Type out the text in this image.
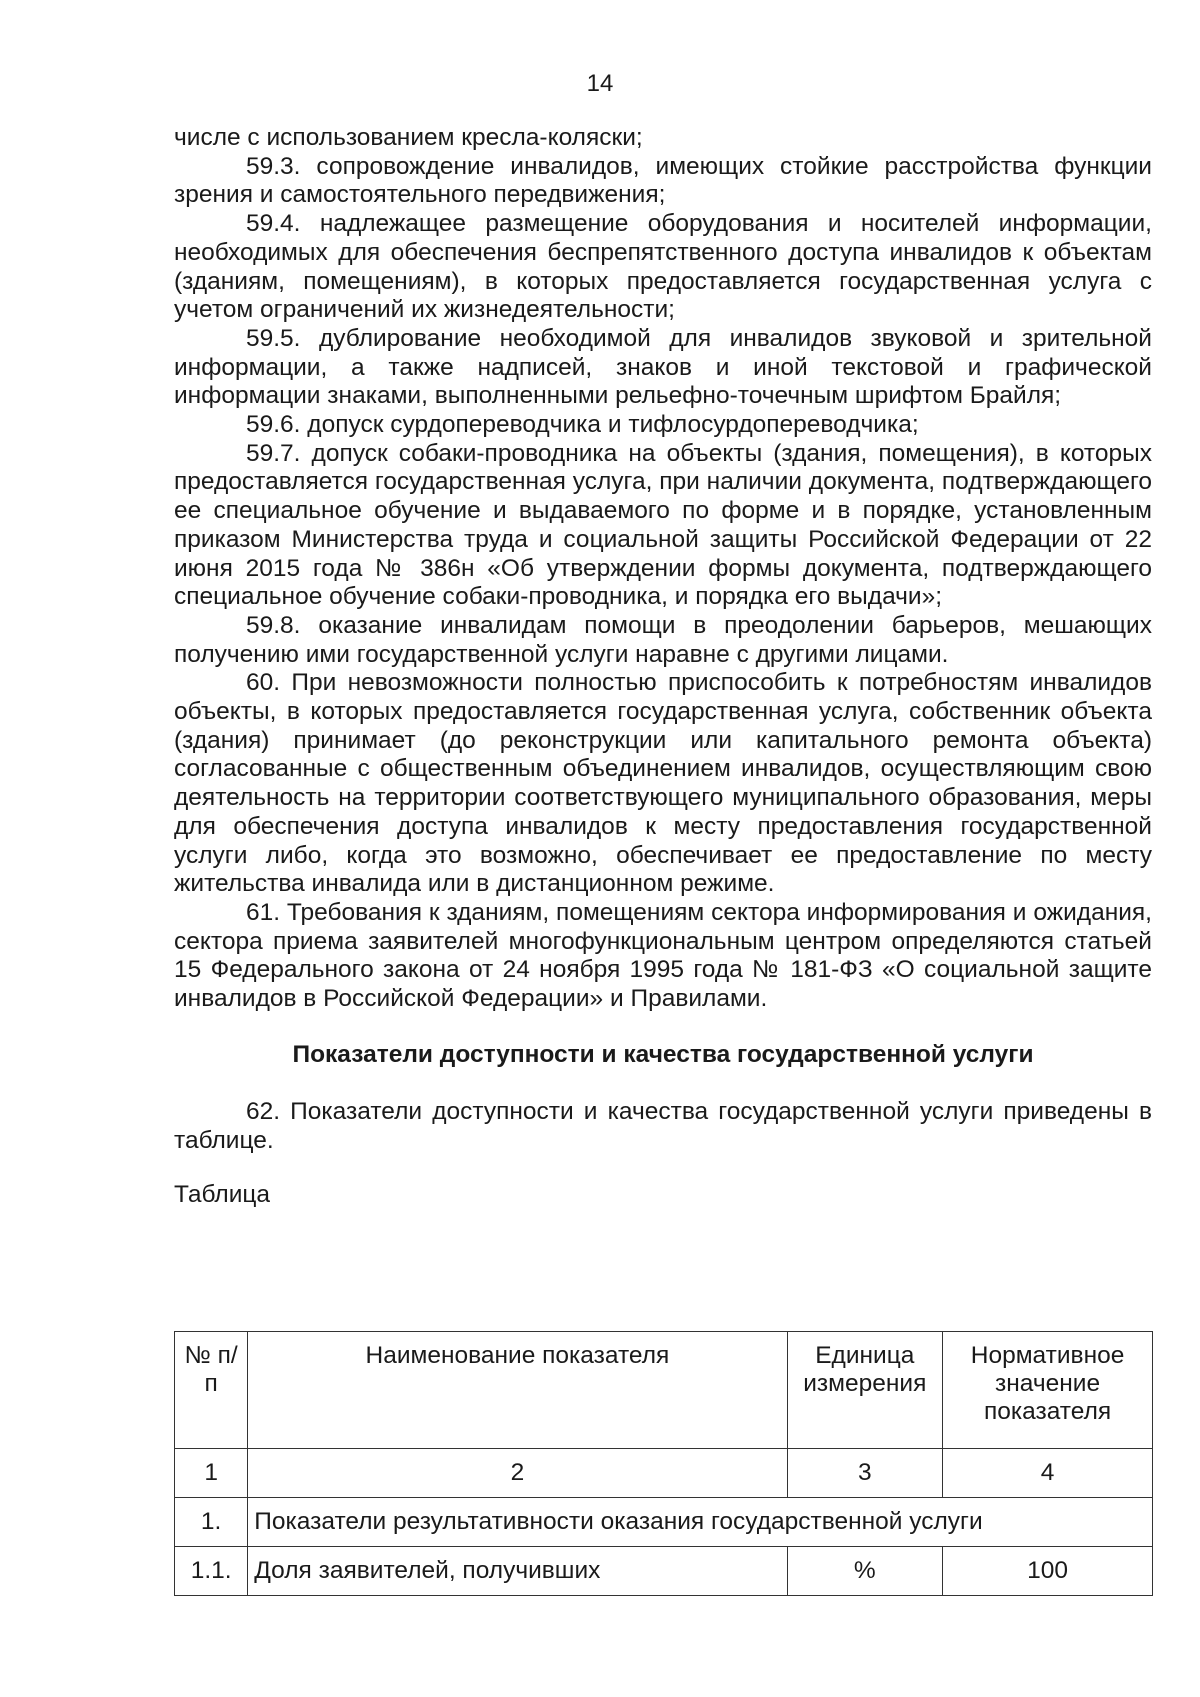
14

числе с использованием кресла-коляски;

59.3. сопровождение инвалидов, имеющих стойкие расстройства функции зрения и самостоятельного передвижения;

59.4. надлежащее размещение оборудования и носителей информации, необходимых для обеспечения беспрепятственного доступа инвалидов к объектам (зданиям, помещениям), в которых предоставляется государственная услуга с учетом ограничений их жизнедеятельности;

59.5. дублирование необходимой для инвалидов звуковой и зрительной информации, а также надписей, знаков и иной текстовой и графической информации знаками, выполненными рельефно-точечным шрифтом Брайля;

59.6. допуск сурдопереводчика и тифлосурдопереводчика;

59.7. допуск собаки-проводника на объекты (здания, помещения), в которых предоставляется государственная услуга, при наличии документа, подтверждающего ее специальное обучение и выдаваемого по форме и в порядке, установленным приказом Министерства труда и социальной защиты Российской Федерации от 22 июня 2015 года № 386н «Об утверждении формы документа, подтверждающего специальное обучение собаки-проводника, и порядка его выдачи»;

59.8. оказание инвалидам помощи в преодолении барьеров, мешающих получению ими государственной услуги наравне с другими лицами.

60. При невозможности полностью приспособить к потребностям инвалидов объекты, в которых предоставляется государственная услуга, собственник объекта (здания) принимает (до реконструкции или капитального ремонта объекта) согласованные с общественным объединением инвалидов, осуществляющим свою деятельность на территории соответствующего муниципального образования, меры для обеспечения доступа инвалидов к месту предоставления государственной услуги либо, когда это возможно, обеспечивает ее предоставление по месту жительства инвалида или в дистанционном режиме.

61. Требования к зданиям, помещениям сектора информирования и ожидания, сектора приема заявителей многофункциональным центром определяются статьей 15 Федерального закона от 24 ноября 1995 года № 181-ФЗ «О социальной защите инвалидов в Российской Федерации» и Правилами.

Показатели доступности и качества государственной услуги

62. Показатели доступности и качества государственной услуги приведены в таблице.

Таблица

№ п/п	Наименование показателя	Единица измерения	Нормативное значение показателя
1	2	3	4
1.	Показатели результативности оказания государственной услуги		
1.1.	Доля заявителей, получивших	%	100
